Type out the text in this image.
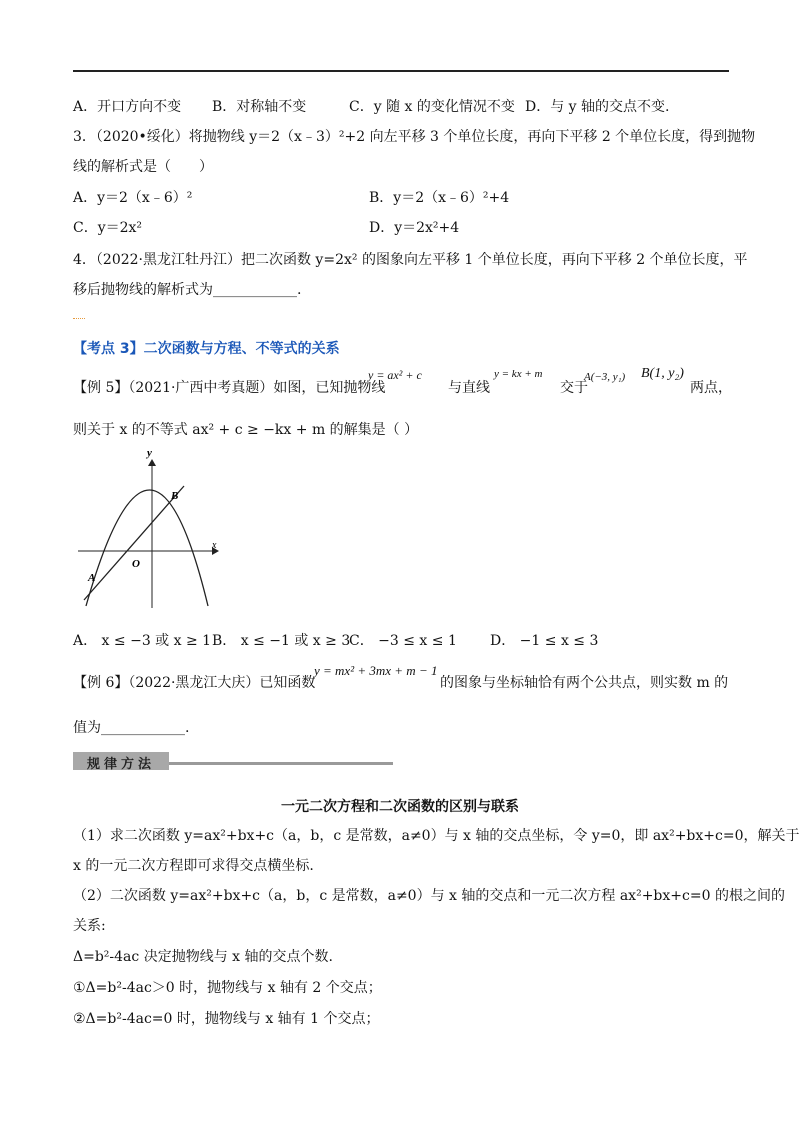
A．开口方向不变 B．对称轴不变	C．y 随 x 的变化情况不变 D．与 y 轴的交点不变.
3．（2020•绥化）将抛物线 y＝2（x﹣3）²+2 向左平移 3 个单位长度，再向下平移 2 个单位长度，得到抛物
线的解析式是（　　）
A．y＝2（x﹣6）²	B．y＝2（x﹣6）²+4
C．y＝2x²	D．y＝2x²+4
4．（2022·黑龙江牡丹江）把二次函数 y=2x² 的图象向左平移 1 个单位长度，再向下平移 2 个单位长度，平
移后抛物线的解析式为____________.
【考点 3】二次函数与方程、不等式的关系
【例 5】（2021·广西中考真题）如图，已知抛物线
y = ax² + c
与直线
y = kx + m
交于
A(−3, y₁) B(1, y₂)
两点，
则关于 x 的不等式 ax² + c ≥ −kx + m 的解集是（ ）
y
x
O
A
B
A． x ≤ −3 或 x ≥ 1 B． x ≤ −1 或 x ≥ 3
C． −3 ≤ x ≤ 1 D． −1 ≤ x ≤ 3
【例 6】（2022·黑龙江大庆）已知函数
y = mx² + 3mx + m − 1
的图象与坐标轴恰有两个公共点，则实数 m 的
值为____________.
规律方法
一元二次方程和二次函数的区别与联系
（1）求二次函数 y=ax²+bx+c（a，b，c 是常数，a≠0）与 x 轴的交点坐标，令 y=0，即 ax²+bx+c=0，解关于
x 的一元二次方程即可求得交点横坐标.
（2）二次函数 y=ax²+bx+c（a，b，c 是常数，a≠0）与 x 轴的交点和一元二次方程 ax²+bx+c=0 的根之间的
关系:
Δ=b²-4ac 决定抛物线与 x 轴的交点个数.
①Δ=b²-4ac＞0 时，抛物线与 x 轴有 2 个交点；
②Δ=b²-4ac=0 时，抛物线与 x 轴有 1 个交点；
